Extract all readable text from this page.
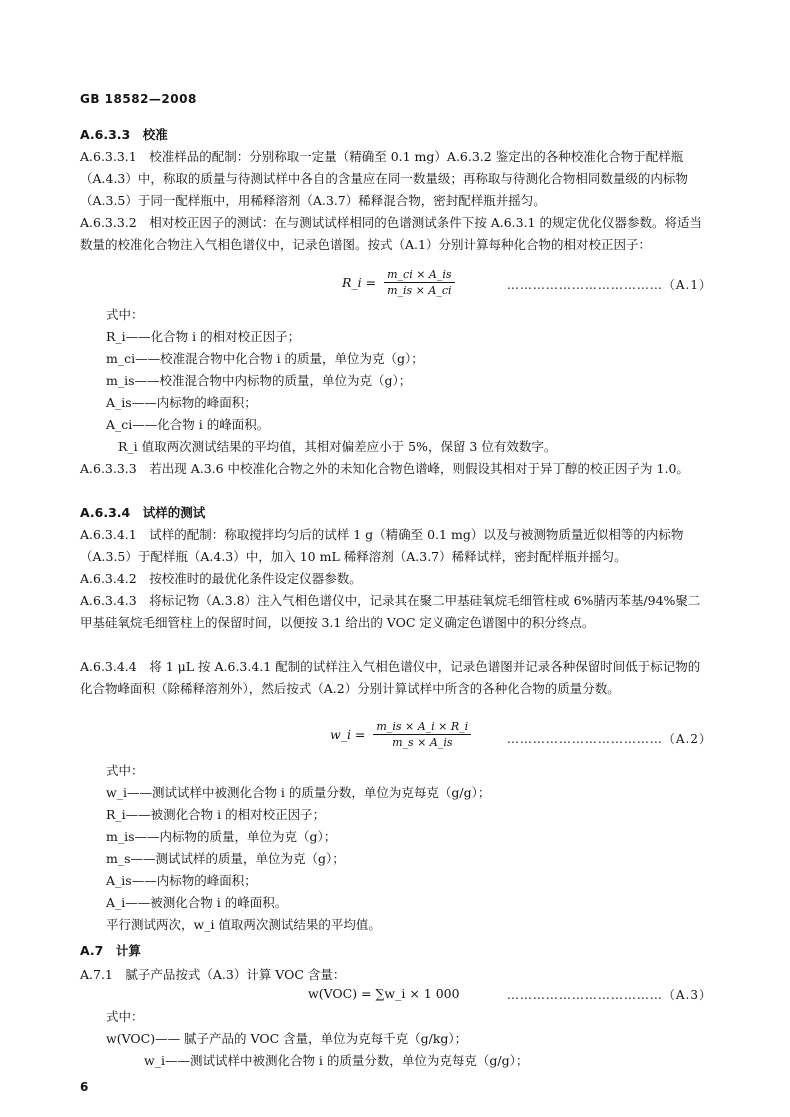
GB 18582—2008
A.6.3.3　校准
A.6.3.3.1　校准样品的配制：分别称取一定量（精确至 0.1 mg）A.6.3.2 鉴定出的各种校准化合物于配样瓶（A.4.3）中，称取的质量与待测试样中各自的含量应在同一数量级；再称取与待测化合物相同数量级的内标物（A.3.5）于同一配样瓶中，用稀释溶剂（A.3.7）稀释混合物，密封配样瓶并摇匀。
A.6.3.3.2　相对校正因子的测试：在与测试试样相同的色谱测试条件下按 A.6.3.1 的规定优化仪器参数。将适当数量的校准化合物注入气相色谱仪中，记录色谱图。按式（A.1）分别计算每种化合物的相对校正因子：
R_i = $\frac{m\_ci \times A\_is}{m\_is \times A\_ci}$	………………………………（A.1）
式中：
R_i——化合物 i 的相对校正因子；
m_ci——校准混合物中化合物 i 的质量，单位为克（g）；
m_is——校准混合物中内标物的质量，单位为克（g）；
A_is——内标物的峰面积；
A_ci——化合物 i 的峰面积。
R_i 值取两次测试结果的平均值，其相对偏差应小于 5%，保留 3 位有效数字。
A.6.3.3.3　若出现 A.3.6 中校准化合物之外的未知化合物色谱峰，则假设其相对于异丁醇的校正因子为 1.0。
A.6.3.4　试样的测试
A.6.3.4.1　试样的配制：称取搅拌均匀后的试样 1 g（精确至 0.1 mg）以及与被测物质量近似相等的内标物（A.3.5）于配样瓶（A.4.3）中，加入 10 mL 稀释溶剂（A.3.7）稀释试样，密封配样瓶并摇匀。
A.6.3.4.2　按校准时的最优化条件设定仪器参数。
A.6.3.4.3　将标记物（A.3.8）注入气相色谱仪中，记录其在聚二甲基硅氧烷毛细管柱或 6%腈丙苯基/94%聚二甲基硅氧烷毛细管柱上的保留时间，以便按 3.1 给出的 VOC 定义确定色谱图中的积分终点。
A.6.3.4.4　将 1 μL 按 A.6.3.4.1 配制的试样注入气相色谱仪中，记录色谱图并记录各种保留时间低于标记物的化合物峰面积（除稀释溶剂外），然后按式（A.2）分别计算试样中所含的各种化合物的质量分数。
w_i = $\frac{m\_is \times A\_i \times R\_i}{m\_s \times A\_is}$	………………………………（A.2）
式中：
w_i——测试试样中被测化合物 i 的质量分数，单位为克每克（g/g）；
R_i——被测化合物 i 的相对校正因子；
m_is——内标物的质量，单位为克（g）；
m_s——测试试样的质量，单位为克（g）；
A_is——内标物的峰面积；
A_i——被测化合物 i 的峰面积。
平行测试两次，w_i 值取两次测试结果的平均值。
A.7　计算
A.7.1　腻子产品按式（A.3）计算 VOC 含量：
w(VOC) = ∑w_i × 1 000	………………………………（A.3）
式中：
w(VOC)—— 腻子产品的 VOC 含量，单位为克每千克（g/kg）；
w_i——测试试样中被测化合物 i 的质量分数，单位为克每克（g/g）；
6
